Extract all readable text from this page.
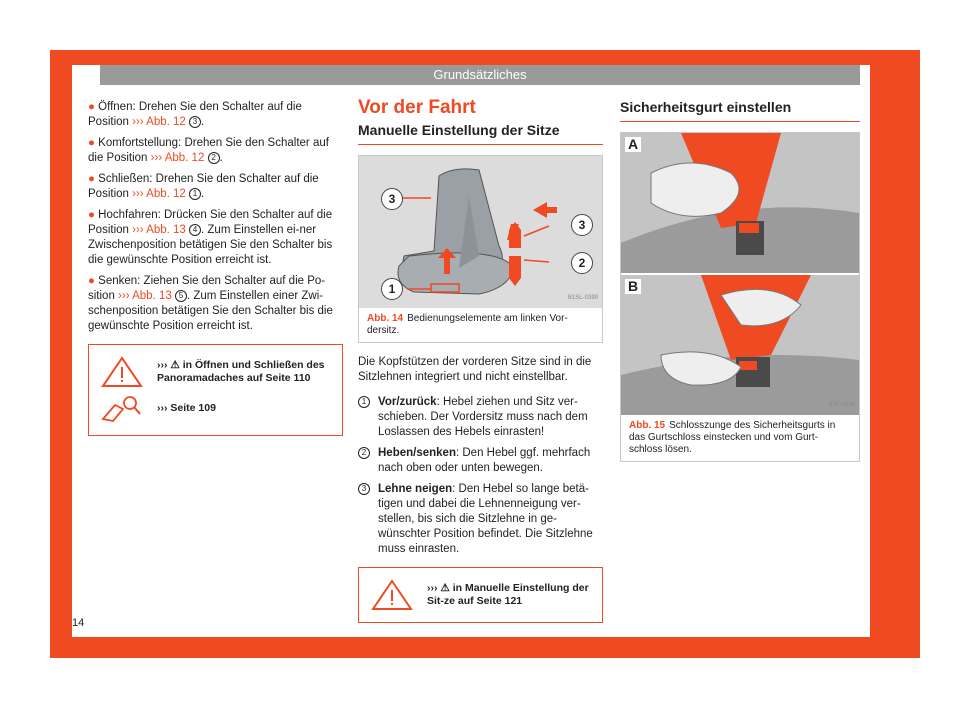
Grundsätzliches
● Öffnen: Drehen Sie den Schalter auf die Position ››› Abb. 12 3 .
● Komfortstellung: Drehen Sie den Schalter auf die Position ››› Abb. 12 2 .
● Schließen: Drehen Sie den Schalter auf die Position ››› Abb. 12 1 .
● Hochfahren: Drücken Sie den Schalter auf die Position ››› Abb. 13 4 . Zum Einstellen ei-ner Zwischenposition betätigen Sie den Schalter bis die gewünschte Position erreicht ist.
● Senken: Ziehen Sie den Schalter auf die Po-sition ››› Abb. 13 5 . Zum Einstellen einer Zwi-schenposition betätigen Sie den Schalter bis die gewünschte Position erreicht ist.
››› ⚠ in Öffnen und Schließen des Panoramadaches auf Seite 110
››› Seite 109
Vor der Fahrt
Manuelle Einstellung der Sitze
3
3
2
1
B1SL-0399
Abb. 14 Bedienungselemente am linken Vor-dersitz.
Die Kopfstützen der vorderen Sitze sind in die Sitzlehnen integriert und nicht einstellbar.
1	Vor/zurück: Hebel ziehen und Sitz ver-schieben. Der Vordersitz muss nach dem Loslassen des Hebels einrasten!
2	Heben/senken: Den Hebel ggf. mehrfach nach oben oder unten bewegen.
3	Lehne neigen: Den Hebel so lange betä-tigen und dabei die Lehnenneigung ver-stellen, bis sich die Sitzlehne in ge-wünschter Position befindet. Die Sitzlehne muss einrasten.
››› ⚠ in Manuelle Einstellung der Sit-ze auf Seite 121
Sicherheitsgurt einstellen
A
B
B5F-1056
Abb. 15 Schlosszunge des Sicherheitsgurts in das Gurtschloss einstecken und vom Gurt-schloss lösen.
14
